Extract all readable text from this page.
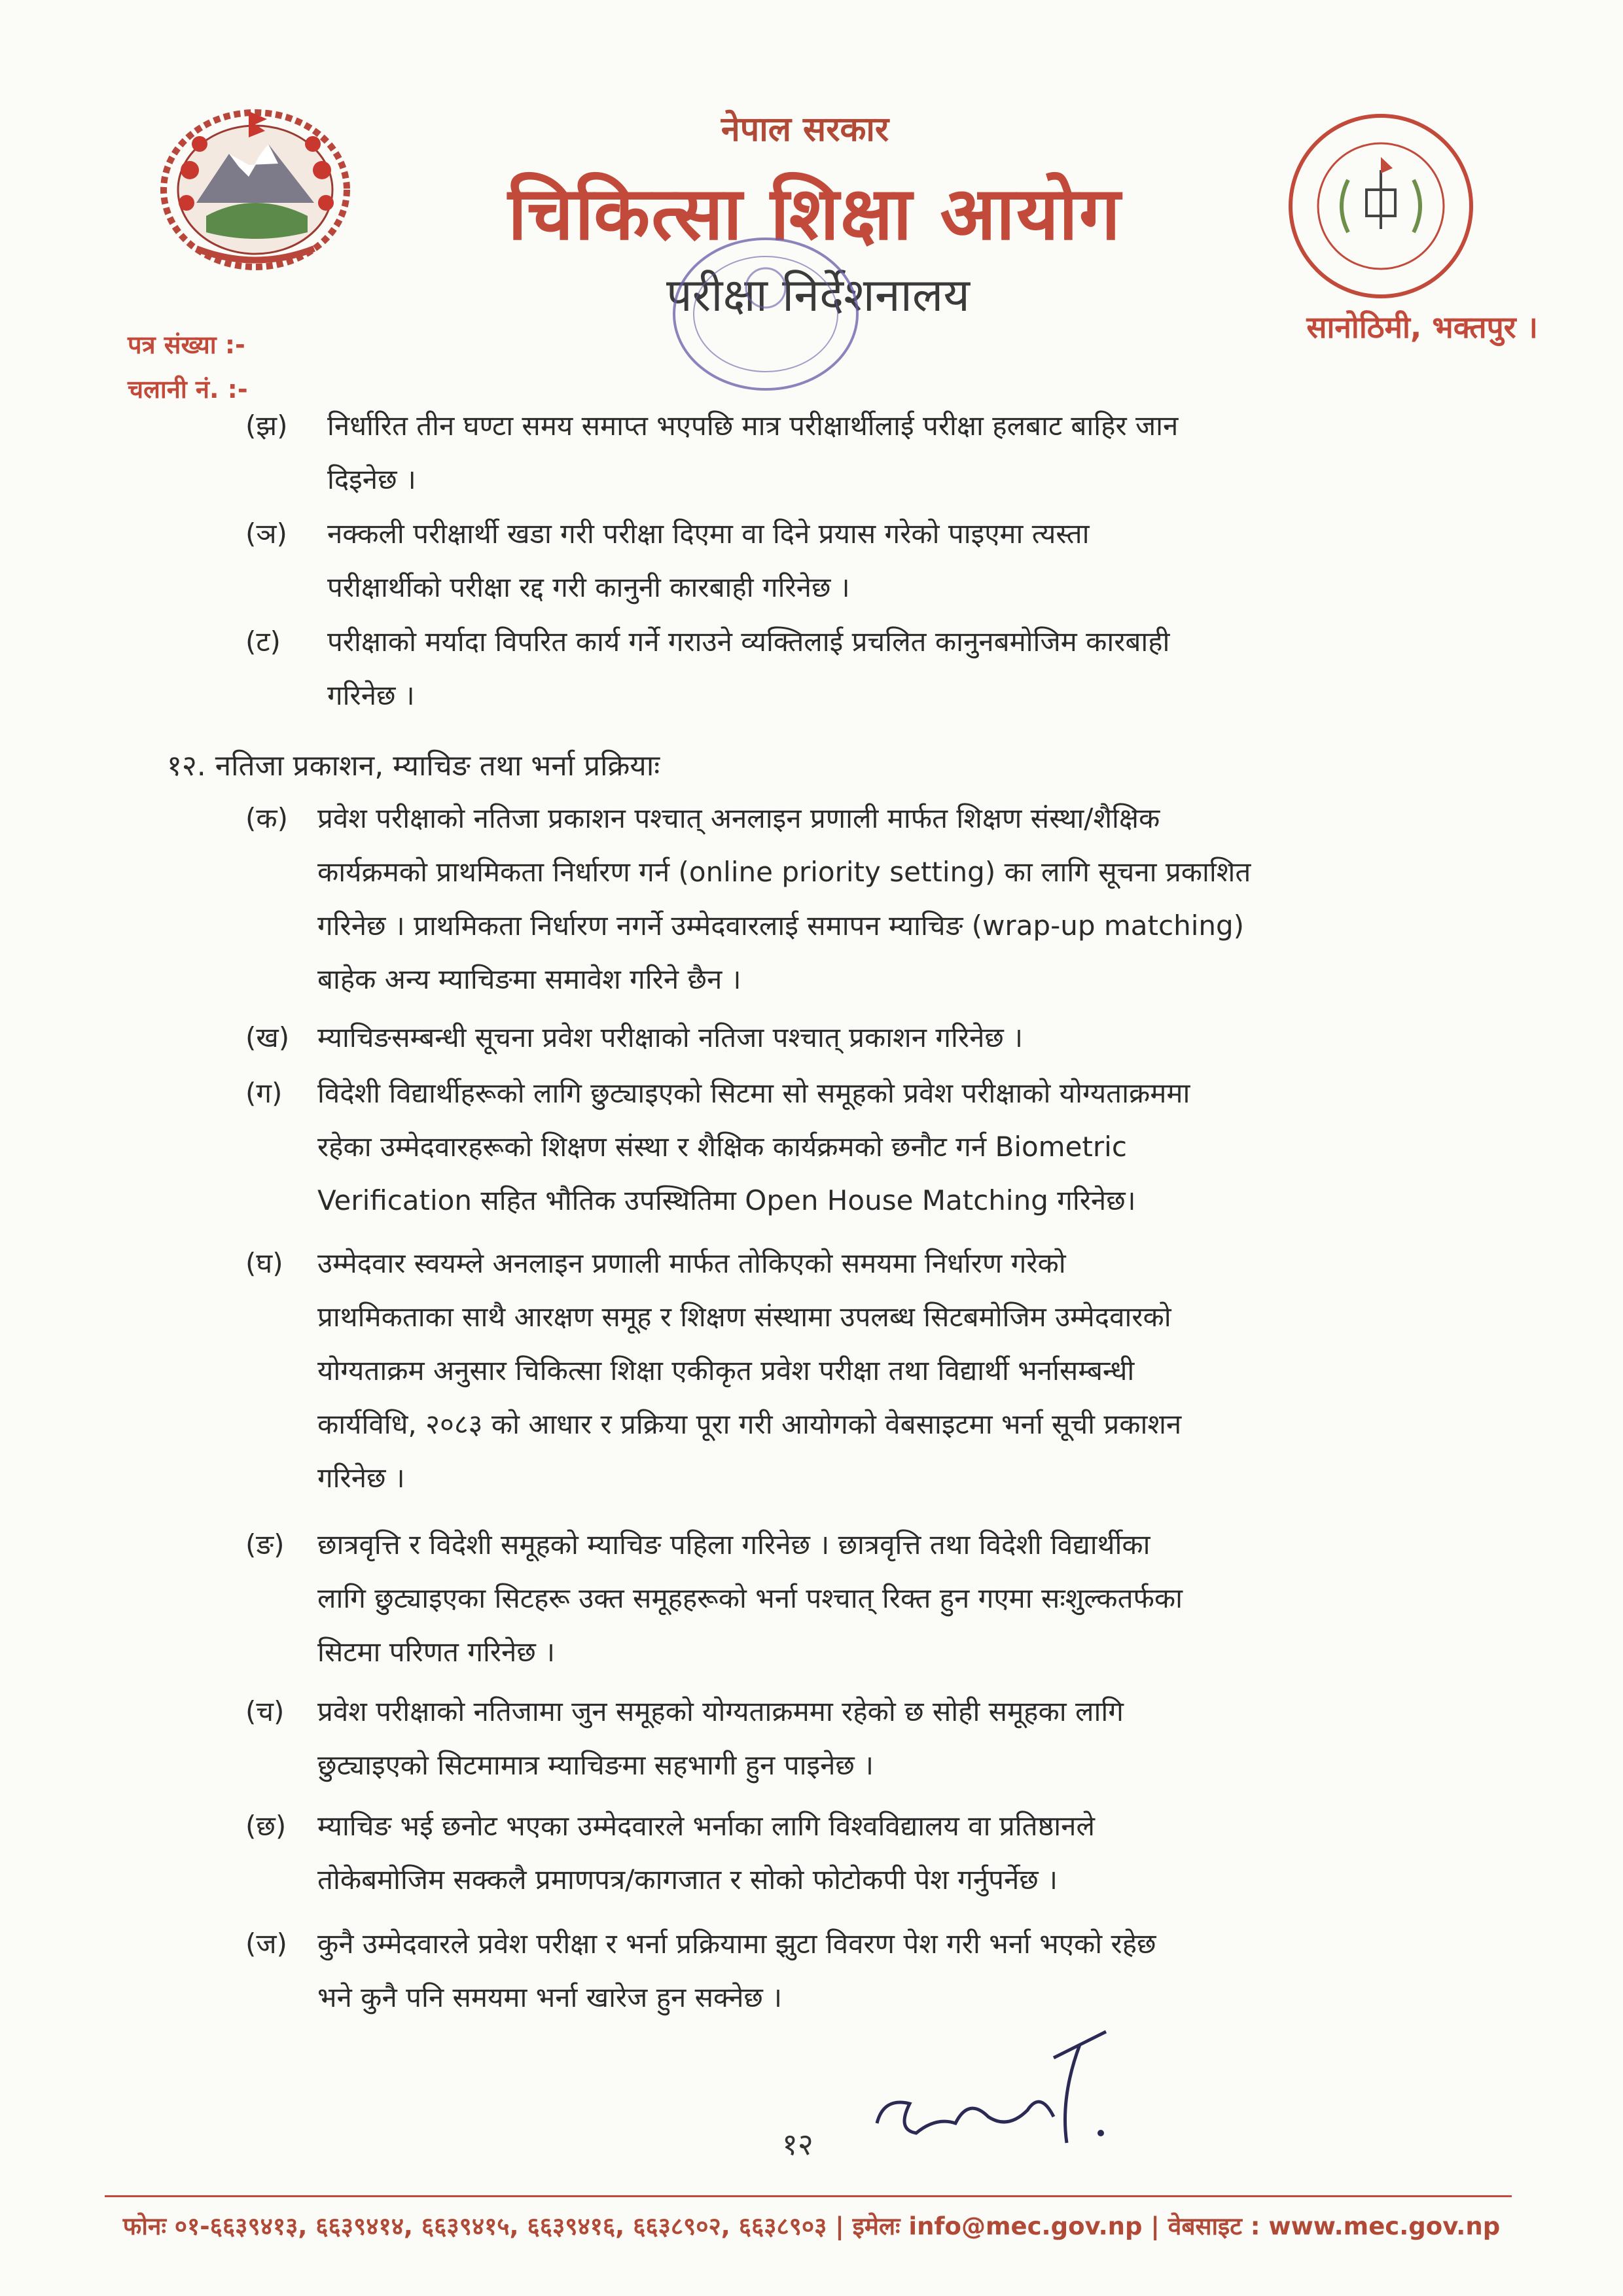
नेपाल सरकार
चिकित्सा शिक्षा आयोग
परीक्षा निर्देशनालय
सानोठिमी, भक्तपुर ।
पत्र संख्या :-
चलानी नं. :-
(झ) निर्धारित तीन घण्टा समय समाप्त भएपछि मात्र परीक्षार्थीलाई परीक्षा हलबाट बाहिर जान
दिइनेछ ।
(ञ) नक्कली परीक्षार्थी खडा गरी परीक्षा दिएमा वा दिने प्रयास गरेको पाइएमा त्यस्ता
परीक्षार्थीको परीक्षा रद्द गरी कानुनी कारबाही गरिनेछ ।
(ट) परीक्षाको मर्यादा विपरित कार्य गर्ने गराउने व्यक्तिलाई प्रचलित कानुनबमोजिम कारबाही
गरिनेछ ।
१२. नतिजा प्रकाशन, म्याचिङ तथा भर्ना प्रक्रियाः
(क) प्रवेश परीक्षाको नतिजा प्रकाशन पश्चात् अनलाइन प्रणाली मार्फत शिक्षण संस्था/शैक्षिक
कार्यक्रमको प्राथमिकता निर्धारण गर्न (online priority setting) का लागि सूचना प्रकाशित
गरिनेछ । प्राथमिकता निर्धारण नगर्ने उम्मेदवारलाई समापन म्याचिङ (wrap-up matching)
बाहेक अन्य म्याचिङमा समावेश गरिने छैन ।
(ख) म्याचिङसम्बन्धी सूचना प्रवेश परीक्षाको नतिजा पश्चात् प्रकाशन गरिनेछ ।
(ग) विदेशी विद्यार्थीहरूको लागि छुट्याइएको सिटमा सो समूहको प्रवेश परीक्षाको योग्यताक्रममा
रहेका उम्मेदवारहरूको शिक्षण संस्था र शैक्षिक कार्यक्रमको छनौट गर्न Biometric
Verification सहित भौतिक उपस्थितिमा Open House Matching गरिनेछ।
(घ) उम्मेदवार स्वयम्ले अनलाइन प्रणाली मार्फत तोकिएको समयमा निर्धारण गरेको
प्राथमिकताका साथै आरक्षण समूह र शिक्षण संस्थामा उपलब्ध सिटबमोजिम उम्मेदवारको
योग्यताक्रम अनुसार चिकित्सा शिक्षा एकीकृत प्रवेश परीक्षा तथा विद्यार्थी भर्नासम्बन्धी
कार्यविधि, २०८३ को आधार र प्रक्रिया पूरा गरी आयोगको वेबसाइटमा भर्ना सूची प्रकाशन
गरिनेछ ।
(ङ) छात्रवृत्ति र विदेशी समूहको म्याचिङ पहिला गरिनेछ । छात्रवृत्ति तथा विदेशी विद्यार्थीका
लागि छुट्याइएका सिटहरू उक्त समूहहरूको भर्ना पश्चात् रिक्त हुन गएमा सःशुल्कतर्फका
सिटमा परिणत गरिनेछ ।
(च) प्रवेश परीक्षाको नतिजामा जुन समूहको योग्यताक्रममा रहेको छ सोही समूहका लागि
छुट्याइएको सिटमामात्र म्याचिङमा सहभागी हुन पाइनेछ ।
(छ) म्याचिङ भई छनोट भएका उम्मेदवारले भर्नाका लागि विश्वविद्यालय वा प्रतिष्ठानले
तोकेबमोजिम सक्कलै प्रमाणपत्र/कागजात र सोको फोटोकपी पेश गर्नुपर्नेछ ।
(ज) कुनै उम्मेदवारले प्रवेश परीक्षा र भर्ना प्रक्रियामा झुटा विवरण पेश गरी भर्ना भएको रहेछ
भने कुनै पनि समयमा भर्ना खारेज हुन सक्नेछ ।
१२
फोनः ०१-६६३९४१३, ६६३९४१४, ६६३९४१५, ६६३९४१६, ६६३८९०२, ६६३८९०३ | इमेलः info@mec.gov.np | वेबसाइट : www.mec.gov.np
